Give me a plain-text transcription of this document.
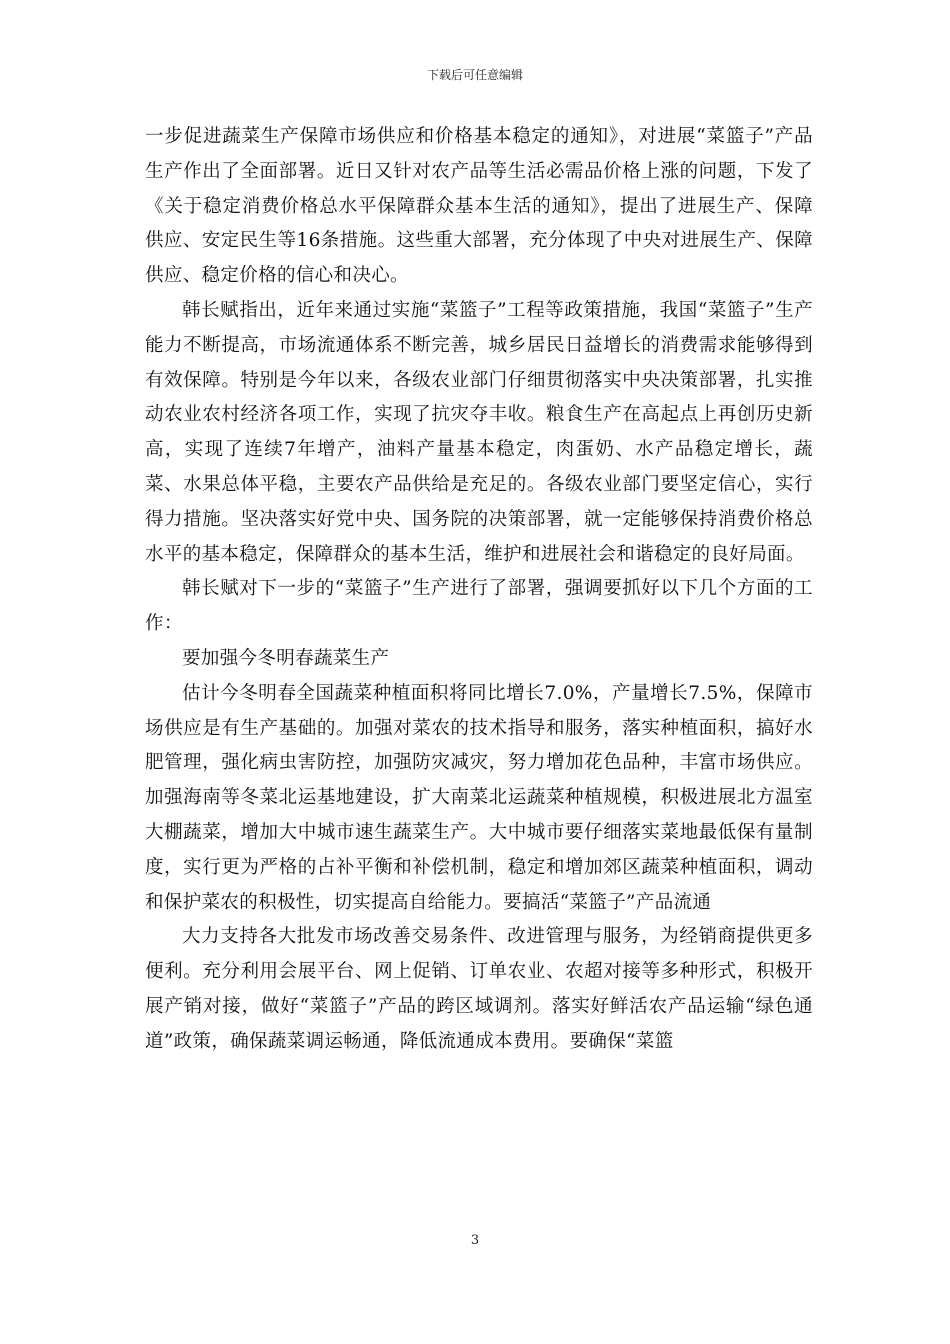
下载后可任意编辑

一步促进蔬菜生产保障市场供应和价格基本稳定的通知》，对进展“菜篮子”产品生产作出了全面部署。近日又针对农产品等生活必需品价格上涨的问题，下发了《关于稳定消费价格总水平保障群众基本生活的通知》，提出了进展生产、保障供应、安定民生等16条措施。这些重大部署，充分体现了中央对进展生产、保障供应、稳定价格的信心和决心。

韩长赋指出，近年来通过实施“菜篮子”工程等政策措施，我国“菜篮子”生产能力不断提高，市场流通体系不断完善，城乡居民日益增长的消费需求能够得到有效保障。特别是今年以来，各级农业部门仔细贯彻落实中央决策部署，扎实推动农业农村经济各项工作，实现了抗灾夺丰收。粮食生产在高起点上再创历史新高，实现了连续7年增产，油料产量基本稳定，肉蛋奶、水产品稳定增长，蔬菜、水果总体平稳，主要农产品供给是充足的。各级农业部门要坚定信心，实行得力措施。坚决落实好党中央、国务院的决策部署，就一定能够保持消费价格总水平的基本稳定，保障群众的基本生活，维护和进展社会和谐稳定的良好局面。

韩长赋对下一步的“菜篮子”生产进行了部署，强调要抓好以下几个方面的工作：

要加强今冬明春蔬菜生产

估计今冬明春全国蔬菜种植面积将同比增长7.0%，产量增长7.5%，保障市场供应是有生产基础的。加强对菜农的技术指导和服务，落实种植面积，搞好水肥管理，强化病虫害防控，加强防灾减灾，努力增加花色品种，丰富市场供应。加强海南等冬菜北运基地建设，扩大南菜北运蔬菜种植规模，积极进展北方温室大棚蔬菜，增加大中城市速生蔬菜生产。大中城市要仔细落实菜地最低保有量制度，实行更为严格的占补平衡和补偿机制，稳定和增加郊区蔬菜种植面积，调动和保护菜农的积极性，切实提高自给能力。要搞活“菜篮子”产品流通

大力支持各大批发市场改善交易条件、改进管理与服务，为经销商提供更多便利。充分利用会展平台、网上促销、订单农业、农超对接等多种形式，积极开展产销对接，做好“菜篮子”产品的跨区域调剂。落实好鲜活农产品运输“绿色通道”政策，确保蔬菜调运畅通，降低流通成本费用。要确保“菜篮

3
